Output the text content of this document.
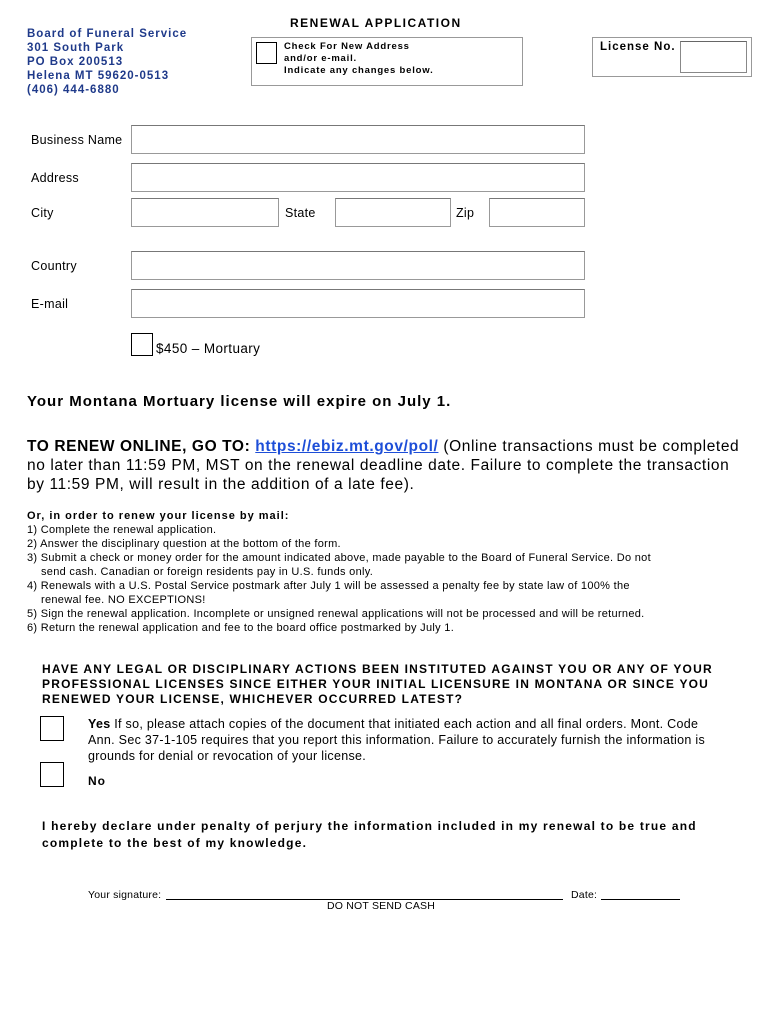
Board of Funeral Service
301 South Park
PO Box 200513
Helena MT 59620-0513
(406) 444-6880
RENEWAL APPLICATION
Check For New Address
and/or e-mail.
Indicate any changes below.
License No.
Business Name
Address
City	State	Zip
Country
E-mail
$450 – Mortuary
Your Montana Mortuary license will expire on July 1.
TO RENEW ONLINE, GO TO: https://ebiz.mt.gov/pol/ (Online transactions must be completed no later than 11:59 PM, MST on the renewal deadline date. Failure to complete the transaction by 11:59 PM, will result in the addition of a late fee).
Or, in order to renew your license by mail:
1) Complete the renewal application.
2) Answer the disciplinary question at the bottom of the form.
3) Submit a check or money order for the amount indicated above, made payable to the Board of Funeral Service. Do not
send cash. Canadian or foreign residents pay in U.S. funds only.
4) Renewals with a U.S. Postal Service postmark after July 1 will be assessed a penalty fee by state law of 100% the
renewal fee. NO EXCEPTIONS!
5) Sign the renewal application. Incomplete or unsigned renewal applications will not be processed and will be returned.
6) Return the renewal application and fee to the board office postmarked by July 1.
HAVE ANY LEGAL OR DISCIPLINARY ACTIONS BEEN INSTITUTED AGAINST YOU OR ANY OF YOUR PROFESSIONAL LICENSES SINCE EITHER YOUR INITIAL LICENSURE IN MONTANA OR SINCE YOU RENEWED YOUR LICENSE, WHICHEVER OCCURRED LATEST?
Yes If so, please attach copies of the document that initiated each action and all final orders. Mont. Code Ann. Sec 37-1-105 requires that you report this information. Failure to accurately furnish the information is grounds for denial or revocation of your license.
No
I hereby declare under penalty of perjury the information included in my renewal to be true and complete to the best of my knowledge.
Your signature:	Date:
DO NOT SEND CASH
